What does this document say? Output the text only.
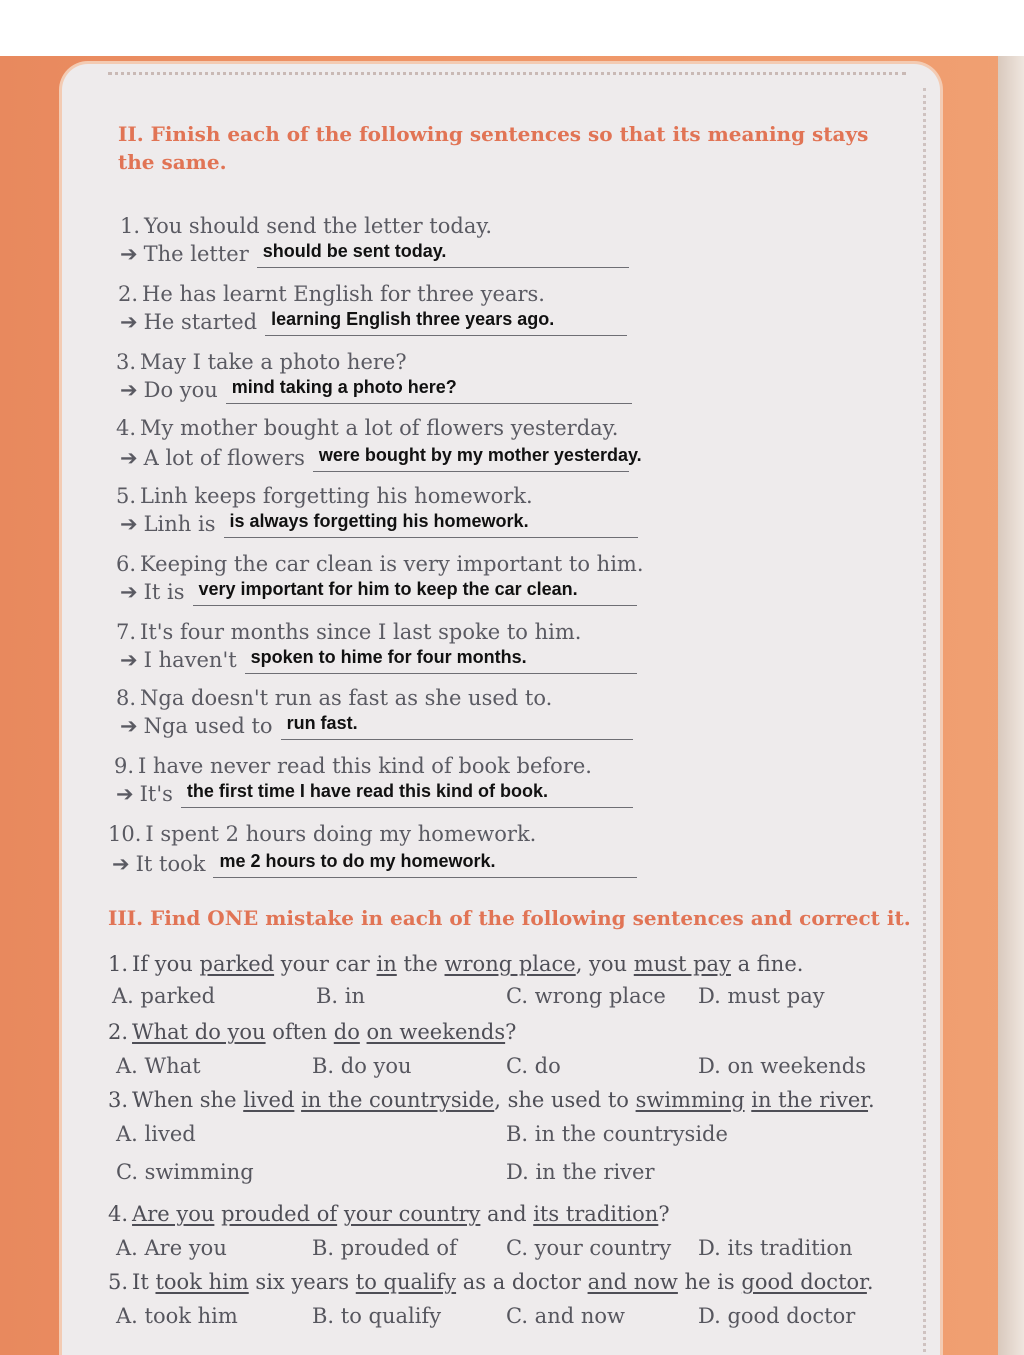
II. Finish each of the following sentences so that its meaning stays the same.

1. You should send the letter today.

➔ The letter should be sent today.

2. He has learnt English for three years.

➔ He started learning English three years ago.

3. May I take a photo here?

➔ Do you mind taking a photo here?

4. My mother bought a lot of flowers yesterday.

➔ A lot of flowers were bought by my mother yesterday.

5. Linh keeps forgetting his homework.

➔ Linh is is always forgetting his homework.

6. Keeping the car clean is very important to him.

➔ It is very important for him to keep the car clean.

7. It's four months since I last spoke to him.

➔ I haven't spoken to hime for four months.

8. Nga doesn't run as fast as she used to.

➔ Nga used to run fast.

9. I have never read this kind of book before.

➔ It's the first time I have read this kind of book.

10. I spent 2 hours doing my homework.

➔ It took me 2 hours to do my homework.

III. Find ONE mistake in each of the following sentences and correct it.

1. If you parked your car in the wrong place, you must pay a fine.

A. parked	B. in	C. wrong place D. must pay

2. What do you often do on weekends?

A. What	B. do you	C. do	D. on weekends

3. When she lived in the countryside, she used to swimming in the river.

A. lived	B. in the countryside
C. swimming	D. in the river

4. Are you prouded of your country and its tradition?

A. Are you	B. prouded of C. your country D. its tradition

5. It took him six years to qualify as a doctor and now he is good doctor.

A. took him	B. to qualify	C. and now	D. good doctor
